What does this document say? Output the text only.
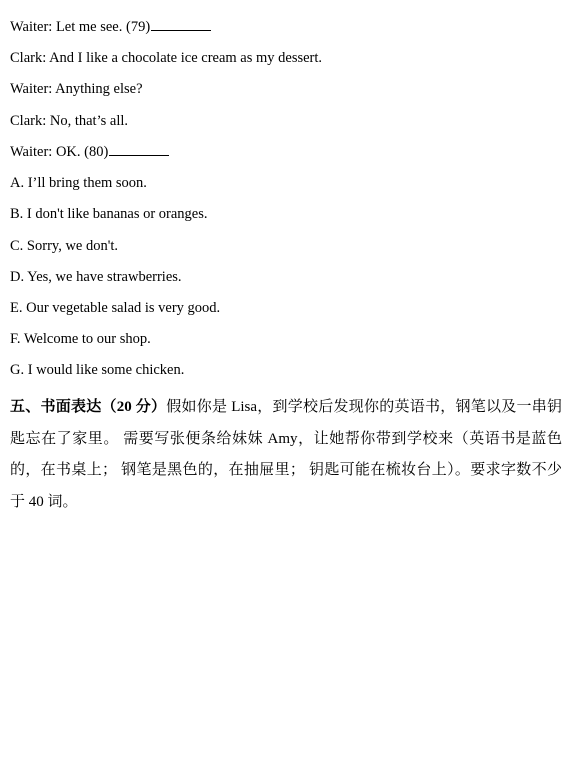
Waiter: Let me see. (79)
Clark: And I like a chocolate ice cream as my dessert.
Waiter: Anything else?
Clark: No, that’s all.
Waiter: OK. (80)
A. I’ll bring them soon.
B. I don't like bananas or oranges.
C. Sorry, we don't.
D. Yes, we have strawberries.
E. Our vegetable salad is very good.
F. Welcome to our shop.
G. I would like some chicken.
五、书面表达（20 分）假如你是 Lisa，到学校后发现你的英语书，钢笔以及一串钥匙忘在了家里。 需要写张便条给妹妹 Amy，让她帮你带到学校来（英语书是蓝色的，在书桌上； 钢笔是黑色的，在抽屉里； 钥匙可能在梳妆台上）。要求字数不少于 40 词。
